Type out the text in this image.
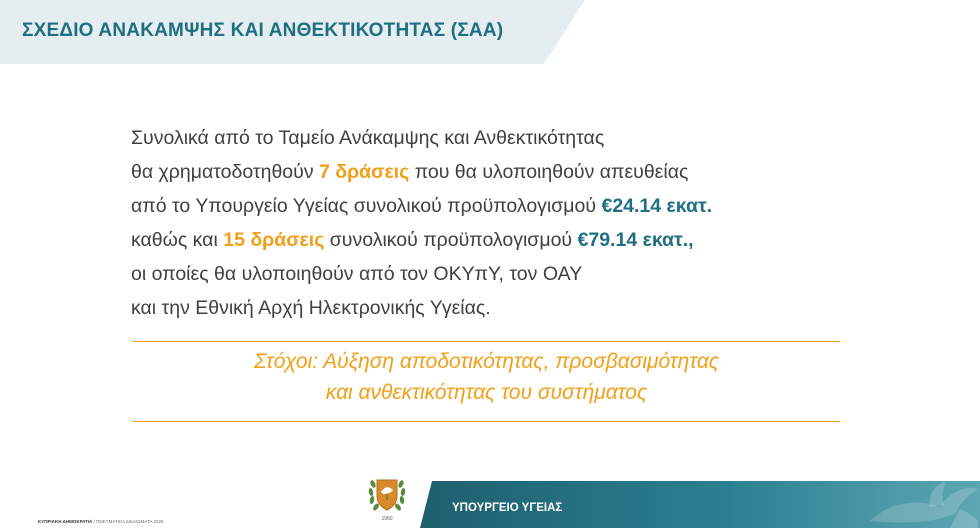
ΣΧΕΔΙΟ ΑΝΑΚΑΜΨΗΣ ΚΑΙ ΑΝΘΕΚΤΙΚΟΤΗΤΑΣ (ΣΑΑ)
Συνολικά από το Ταμείο Ανάκαμψης και Ανθεκτικότητας
θα χρηματοδοτηθούν 7 δράσεις που θα υλοποιηθούν απευθείας
από το Υπουργείο Υγείας συνολικού προϋπολογισμού €24.14 εκατ.
καθώς και 15 δράσεις συνολικού προϋπολογισμού €79.14 εκατ.,
οι οποίες θα υλοποιηθούν από τον ΟΚΥπΥ, τον ΟΑΥ
και την Εθνική Αρχή Ηλεκτρονικής Υγείας.
Στόχοι: Αύξηση αποδοτικότητας, προσβασιμότητας
και ανθεκτικότητας του συστήματος
ΥΠΟΥΡΓΕΙΟ ΥΓΕΙΑΣ
1960
ΚΥΠΡΙΑΚΗ ΔΗΜΟΚΡΑΤΙΑ / ΠΝΕΥΜΑΤΙΚΑ ΔΙΚΑΙΩΜΑΤΑ 2025
